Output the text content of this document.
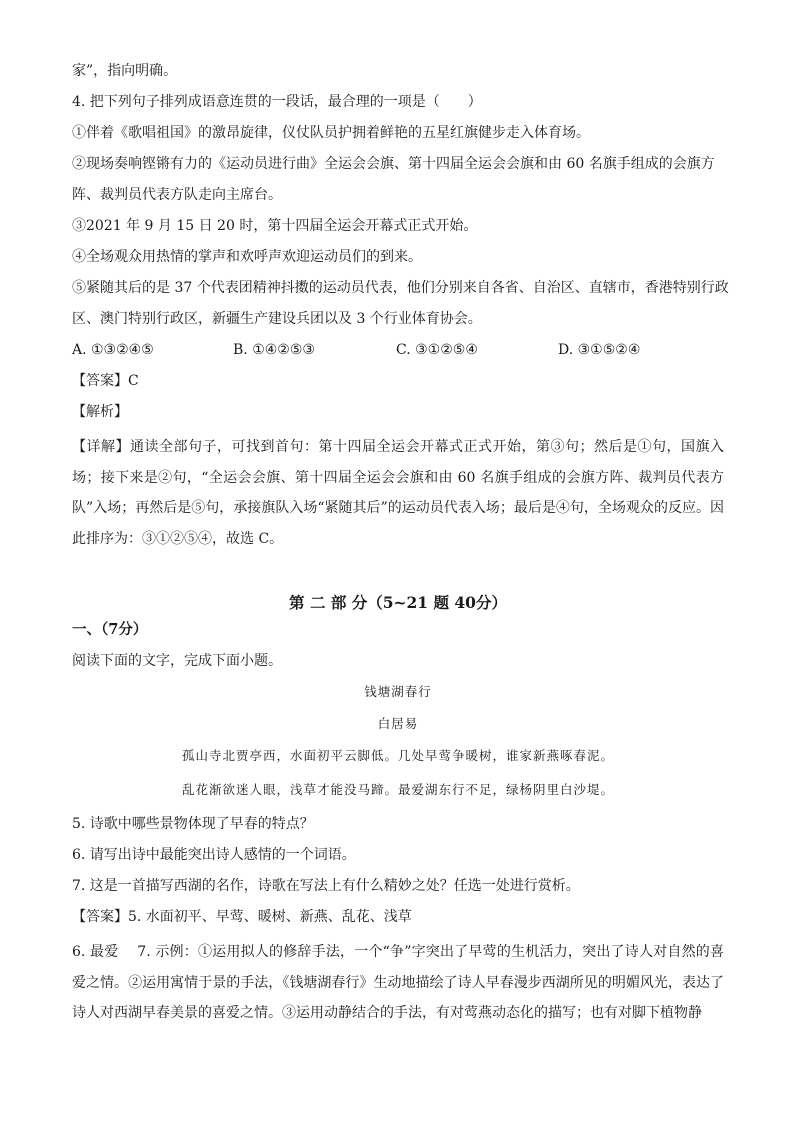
家”，指向明确。
4. 把下列句子排列成语意连贯的一段话，最合理的一项是（　　）
①伴着《歌唱祖国》的激昂旋律，仪仗队员护拥着鲜艳的五星红旗健步走入体育场。
②现场奏响铿锵有力的《运动员进行曲》全运会会旗、第十四届全运会会旗和由 60 名旗手组成的会旗方
阵、裁判员代表方队走向主席台。
③2021 年 9 月 15 日 20 时，第十四届全运会开幕式正式开始。
④全场观众用热情的掌声和欢呼声欢迎运动员们的到来。
⑤紧随其后的是 37 个代表团精神抖擞的运动员代表，他们分别来自各省、自治区、直辖市，香港特别行政
区、澳门特别行政区，新疆生产建设兵团以及 3 个行业体育协会。
A. ①③②④⑤	B. ①④②⑤③	C. ③①②⑤④	D. ③①⑤②④
【答案】C
【解析】
【详解】通读全部句子，可找到首句：第十四届全运会开幕式正式开始，第③句；然后是①句，国旗入场；接下来是②句，“全运会会旗、第十四届全运会会旗和由 60 名旗手组成的会旗方阵、裁判员代表方队”入场；再然后是⑤句，承接旗队入场“紧随其后”的运动员代表入场；最后是④句，全场观众的反应。因此排序为：③①②⑤④，故选 C。
第 二 部 分（5~21 题 40分）
一、（7分）
阅读下面的文字，完成下面小题。
钱塘湖春行
白居易
孤山寺北贾亭西，水面初平云脚低。几处早莺争暖树，谁家新燕啄春泥。
乱花渐欲迷人眼，浅草才能没马蹄。最爱湖东行不足，绿杨阴里白沙堤。
5. 诗歌中哪些景物体现了早春的特点？
6. 请写出诗中最能突出诗人感情的一个词语。
7. 这是一首描写西湖的名作，诗歌在写法上有什么精妙之处？任选一处进行赏析。
【答案】5. 水面初平、早莺、暖树、新燕、乱花、浅草
6. 最爱　 7. 示例：①运用拟人的修辞手法，一个“争”字突出了早莺的生机活力，突出了诗人对自然的喜爱之情。②运用寓情于景的手法，《钱塘湖春行》生动地描绘了诗人早春漫步西湖所见的明媚风光，表达了诗人对西湖早春美景的喜爱之情。③运用动静结合的手法，有对莺燕动态化的描写；也有对脚下植物静
